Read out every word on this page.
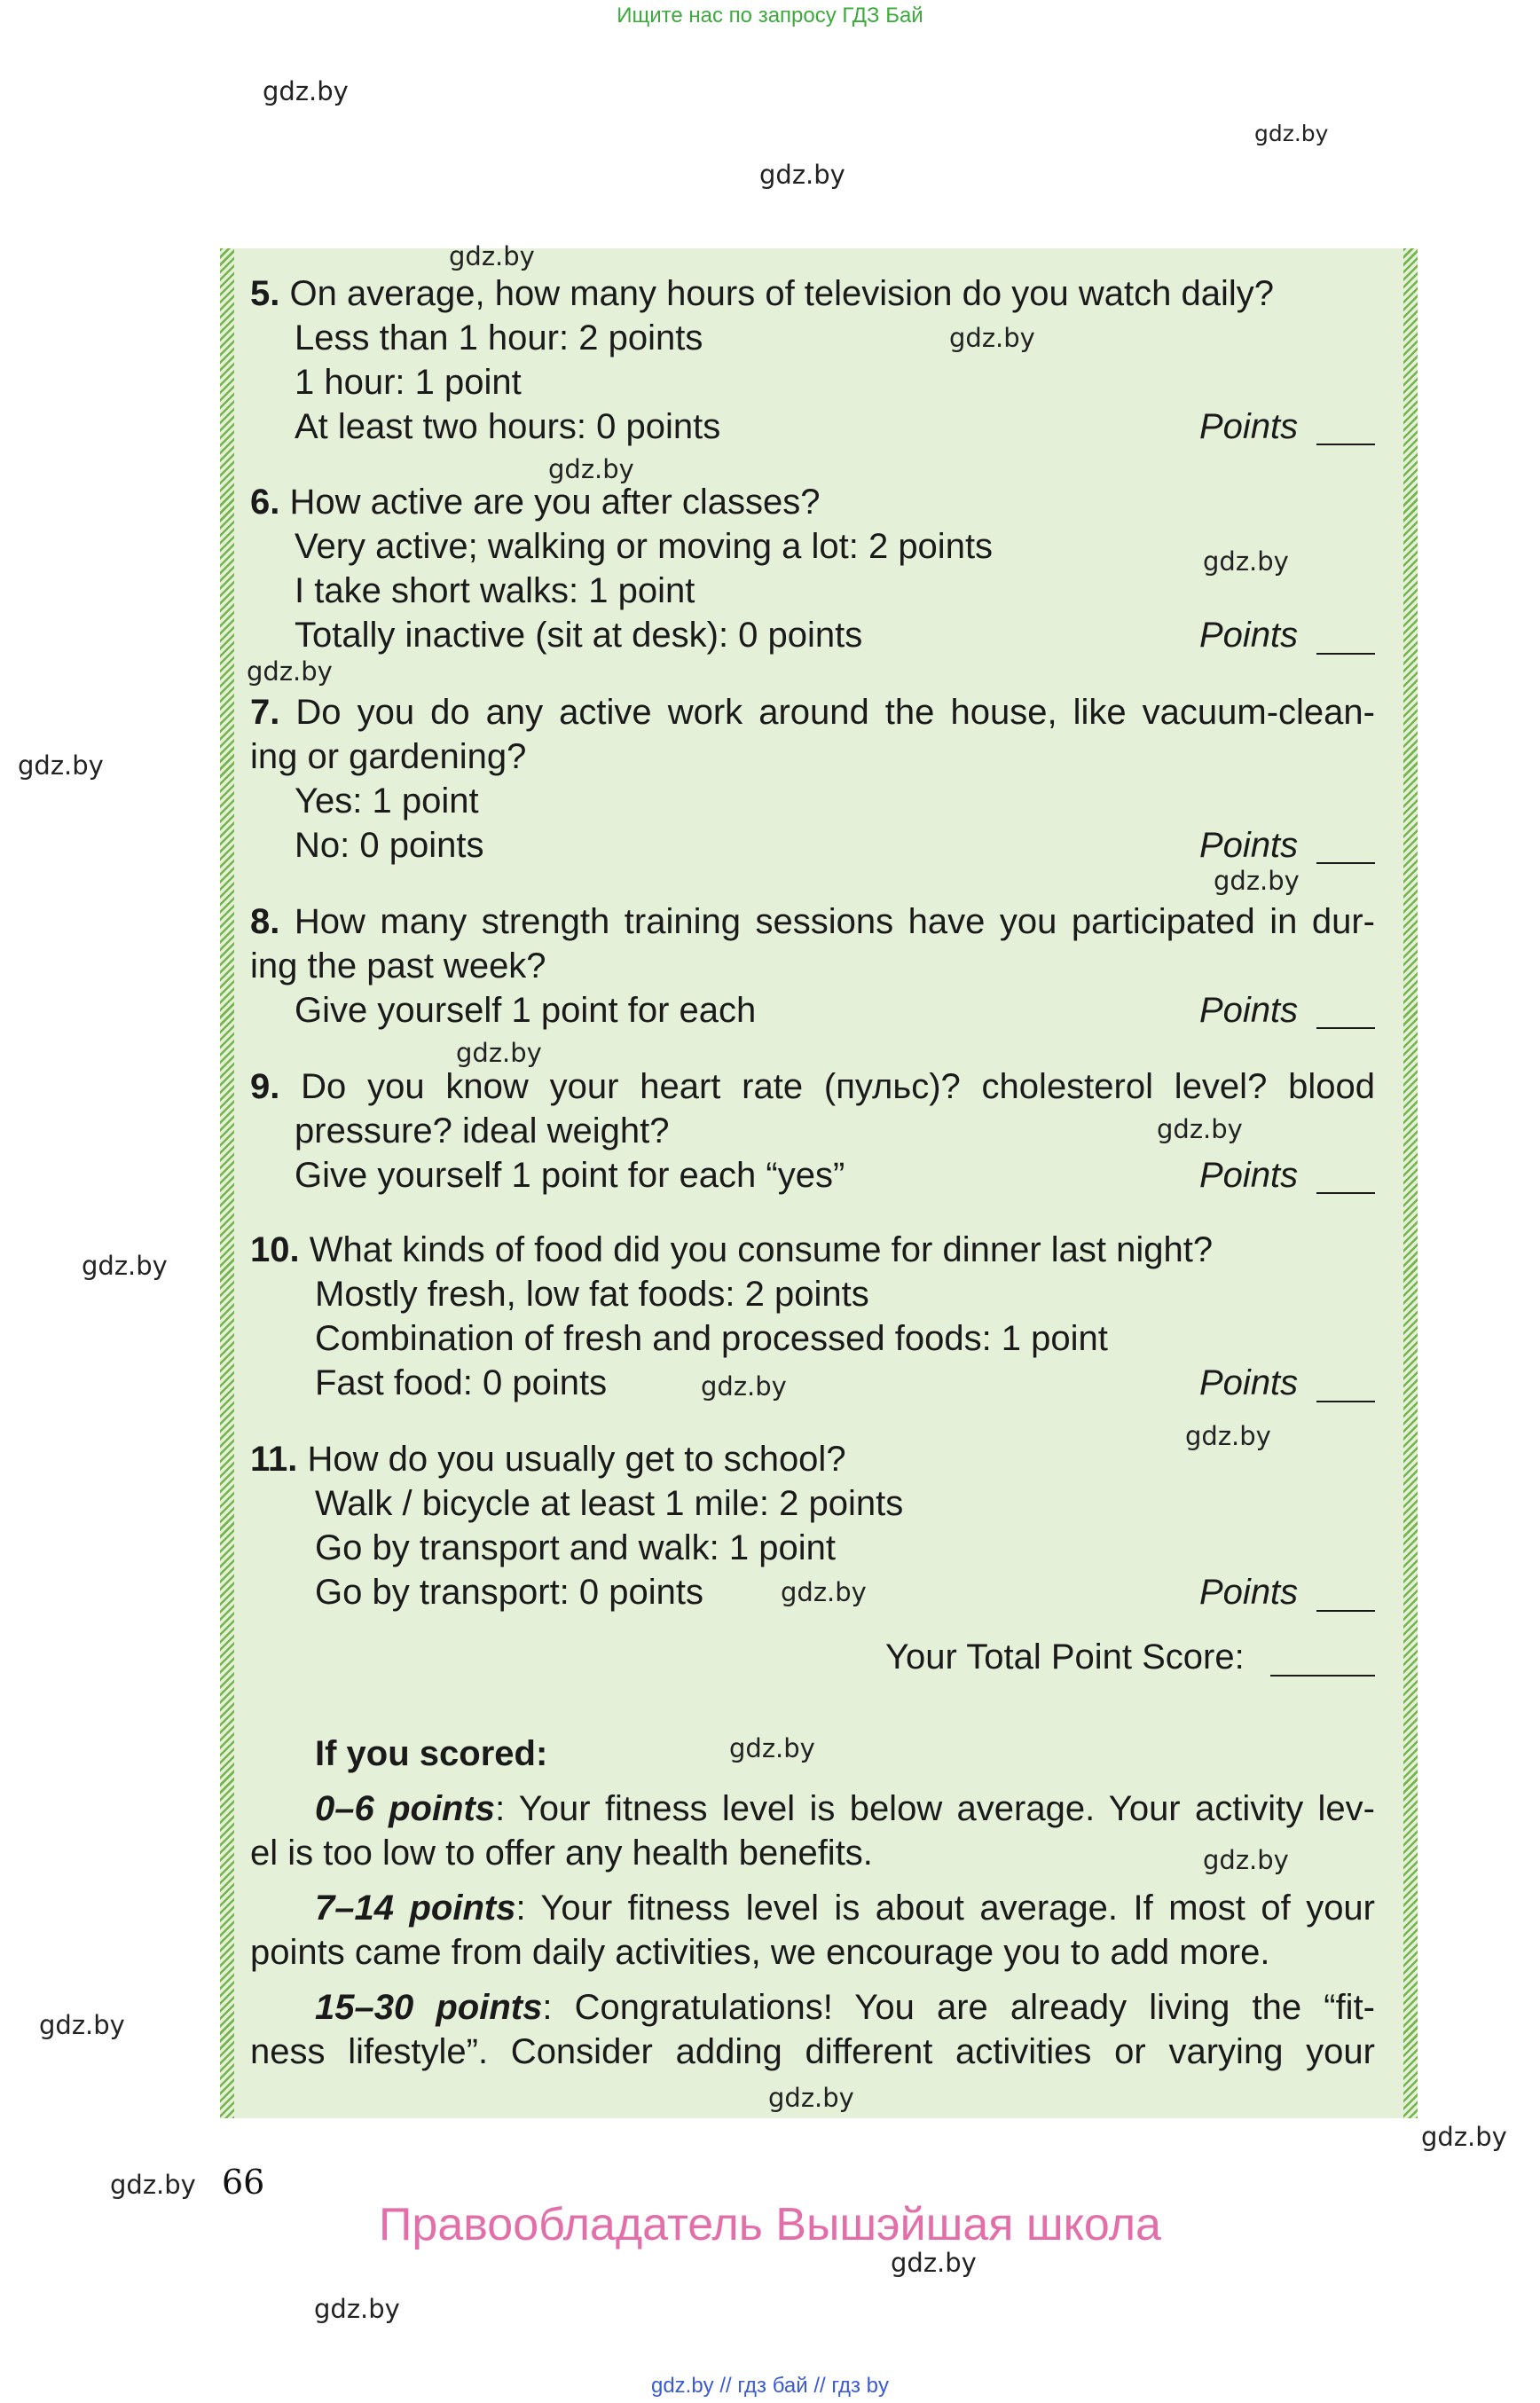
Ищите нас по запросу ГДЗ Бай
gdz.by
gdz.by
gdz.by
gdz.by
gdz.by
gdz.by
gdz.by
gdz.by
gdz.by
gdz.by
5. On average, how many hours of television do you watch daily?
Less than 1 hour: 2 points
1 hour: 1 point
At least two hours: 0 points	Points
6. How active are you after classes?
Very active; walking or moving a lot: 2 points
I take short walks: 1 point
Totally inactive (sit at desk): 0 points	Points
7. Do you do any active work around the house, like vacuum-clean-
ing or gardening?
Yes: 1 point
No: 0 points	Points
8. How many strength training sessions have you participated in dur-
ing the past week?
Give yourself 1 point for each	Points
9. Do you know your heart rate (пульс)? cholesterol level? blood
pressure? ideal weight?
Give yourself 1 point for each “yes”	Points
10. What kinds of food did you consume for dinner last night?
Mostly fresh, low fat foods: 2 points
Combination of fresh and processed foods: 1 point
Fast food: 0 points	Points
11. How do you usually get to school?
Walk / bicycle at least 1 mile: 2 points
Go by transport and walk: 1 point
Go by transport: 0 points	Points
Your Total Point Score:
If you scored:
0–6 points: Your fitness level is below average. Your activity lev-
el is too low to offer any health benefits.
7–14 points: Your fitness level is about average. If most of your
points came from daily activities, we encourage you to add more.
15–30 points: Congratulations! You are already living the “fit-
ness lifestyle”. Consider adding different activities or varying your
gdz.by
gdz.by
gdz.by
gdz.by
gdz.by
gdz.by
gdz.by
gdz.by
gdz.by
gdz.by
gdz.by
gdz.by
gdz.by
gdz.by
66
Правообладатель Вышэйшая школа
gdz.by // гдз бай // гдз by
